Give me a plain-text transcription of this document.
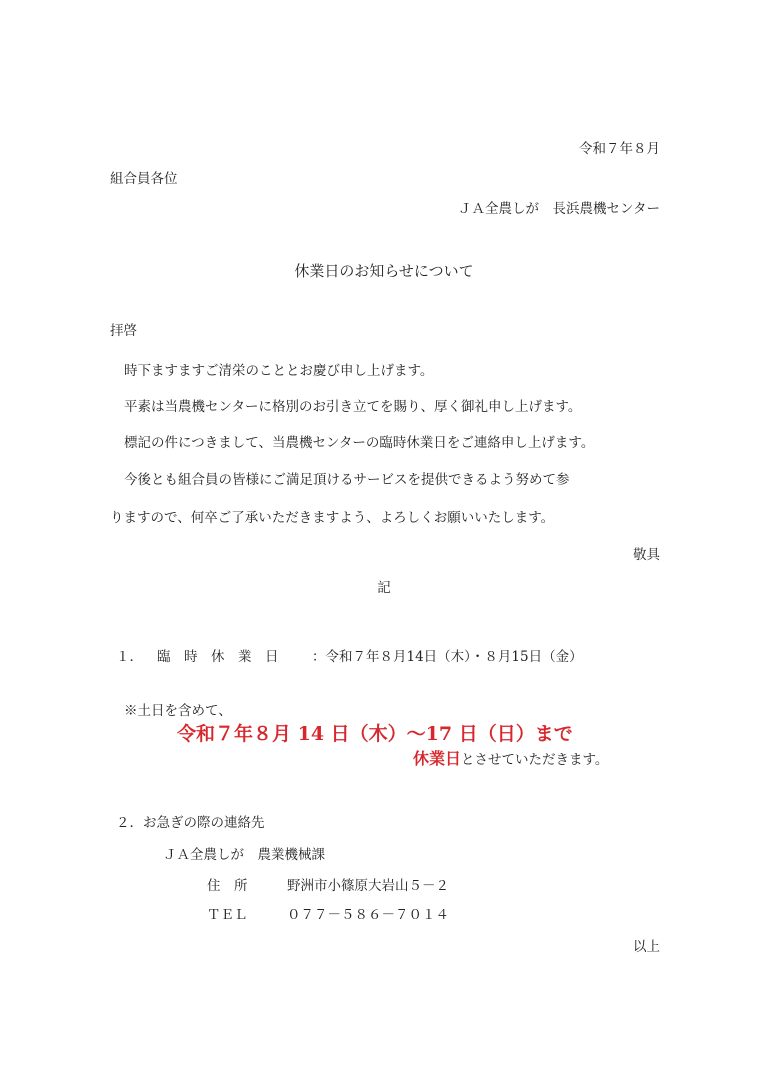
令和７年８月
組合員各位
ＪＡ全農しが　長浜農機センター
休業日のお知らせについて
拝啓
時下ますますご清栄のこととお慶び申し上げます。
平素は当農機センターに格別のお引き立てを賜り、厚く御礼申し上げます。
標記の件につきまして、当農機センターの臨時休業日をご連絡申し上げます。
今後とも組合員の皆様にご満足頂けるサービスを提供できるよう努めて参
りますので、何卒ご了承いただきますよう、よろしくお願いいたします。
敬具
記
１． 臨　時　休　業　日 ：令和７年８月14日（木）・８月15日（金）
※土日を含めて、
令和７年８月 14 日（木）～17 日（日）まで
休業日とさせていただきます。
２．お急ぎの際の連絡先
ＪＡ全農しが　農業機械課
住　所	野洲市小篠原大岩山５－２
ＴＥＬ	０７７－５８６－７０１４
以上
